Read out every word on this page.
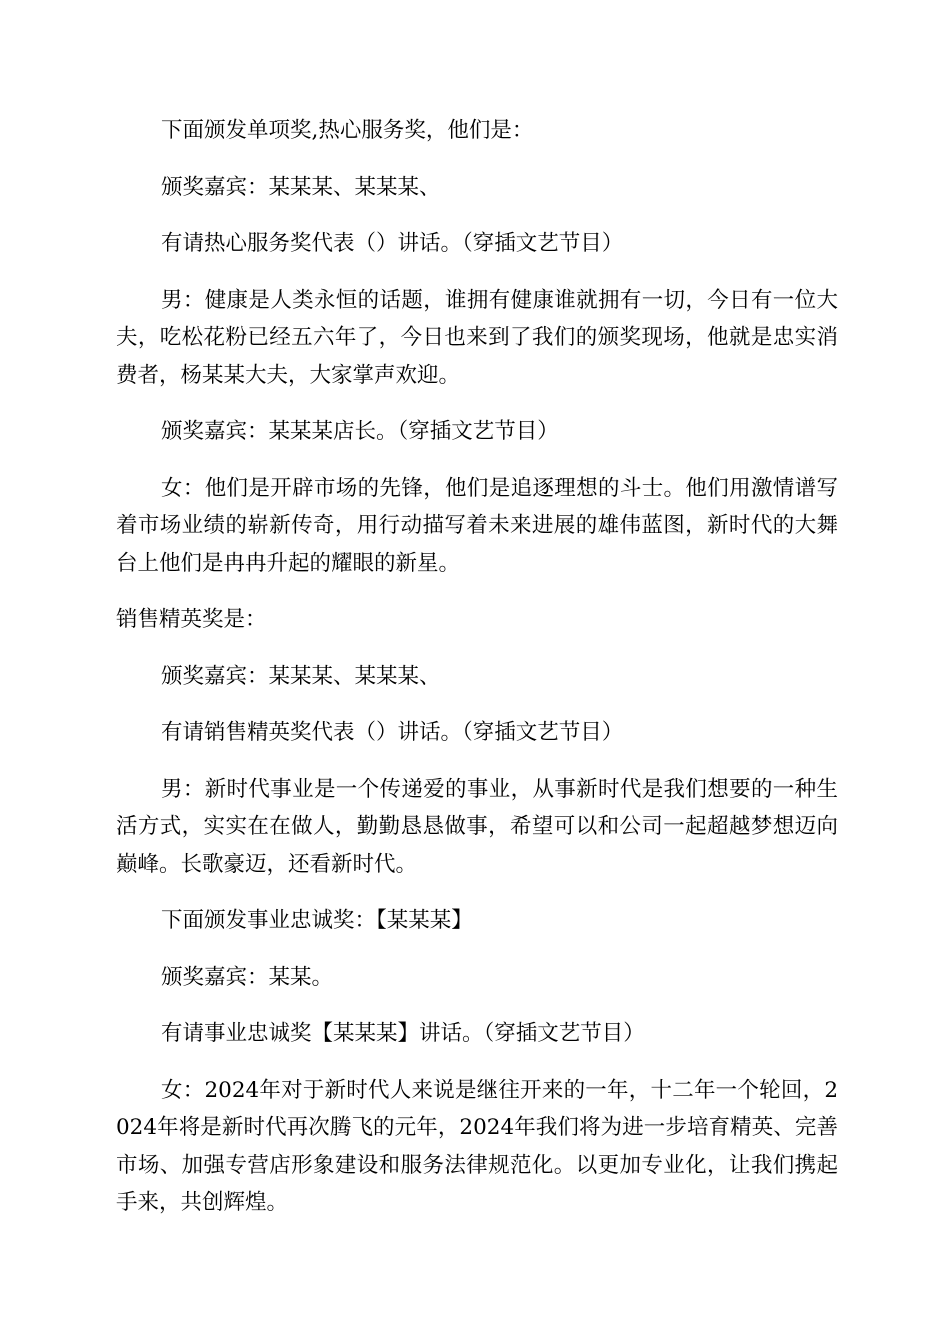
下面颁发单项奖,热心服务奖，他们是：

颁奖嘉宾：某某某、某某某、

有请热心服务奖代表（）讲话。（穿插文艺节目）

男：健康是人类永恒的话题，谁拥有健康谁就拥有一切，今日有一位大夫，吃松花粉已经五六年了，今日也来到了我们的颁奖现场，他就是忠实消费者，杨某某大夫，大家掌声欢迎。

颁奖嘉宾：某某某店长。（穿插文艺节目）

女：他们是开辟市场的先锋，他们是追逐理想的斗士。他们用激情谱写着市场业绩的崭新传奇，用行动描写着未来进展的雄伟蓝图，新时代的大舞台上他们是冉冉升起的耀眼的新星。

销售精英奖是：

颁奖嘉宾：某某某、某某某、

有请销售精英奖代表（）讲话。（穿插文艺节目）

男：新时代事业是一个传递爱的事业，从事新时代是我们想要的一种生活方式，实实在在做人，勤勤恳恳做事，希望可以和公司一起超越梦想迈向巅峰。长歌豪迈，还看新时代。

下面颁发事业忠诚奖：【某某某】

颁奖嘉宾：某某。

有请事业忠诚奖【某某某】讲话。（穿插文艺节目）

女：2024年对于新时代人来说是继往开来的一年，十二年一个轮回，2024年将是新时代再次腾飞的元年，2024年我们将为进一步培育精英、完善市场、加强专营店形象建设和服务法律规范化。以更加专业化，让我们携起手来，共创辉煌。
